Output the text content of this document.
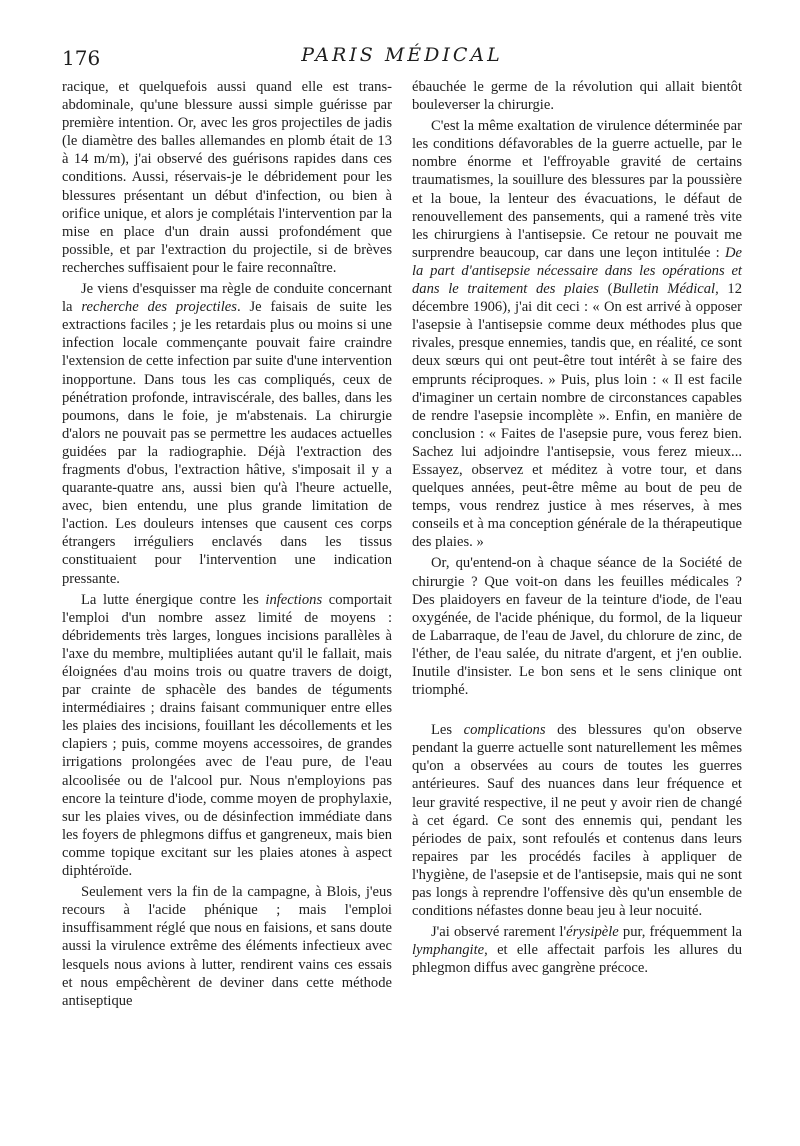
176	PARIS MÉDICAL

racique, et quelquefois aussi quand elle est trans-abdominale, qu'une blessure aussi simple guérisse par première intention. Or, avec les gros projectiles de jadis (le diamètre des balles allemandes en plomb était de 13 à 14 m/m), j'ai observé des guérisons rapides dans ces conditions. Aussi, réservais-je le débridement pour les blessures présentant un début d'infection, ou bien à orifice unique, et alors je complétais l'intervention par la mise en place d'un drain aussi profondément que possible, et par l'extraction du projectile, si de brèves recherches suffisaient pour le faire reconnaître.

Je viens d'esquisser ma règle de conduite concernant la recherche des projectiles. Je faisais de suite les extractions faciles ; je les retardais plus ou moins si une infection locale commençante pouvait faire craindre l'extension de cette infection par suite d'une intervention inopportune. Dans tous les cas compliqués, ceux de pénétration profonde, intraviscérale, des balles, dans les poumons, dans le foie, je m'abstenais. La chirurgie d'alors ne pouvait pas se permettre les audaces actuelles guidées par la radiographie. Déjà l'extraction des fragments d'obus, l'extraction hâtive, s'imposait il y a quarante-quatre ans, aussi bien qu'à l'heure actuelle, avec, bien entendu, une plus grande limitation de l'action. Les douleurs intenses que causent ces corps étrangers irréguliers enclavés dans les tissus constituaient pour l'intervention une indication pressante.

La lutte énergique contre les infections comportait l'emploi d'un nombre assez limité de moyens : débridements très larges, longues incisions parallèles à l'axe du membre, multipliées autant qu'il le fallait, mais éloignées d'au moins trois ou quatre travers de doigt, par crainte de sphacèle des bandes de téguments intermédiaires ; drains faisant communiquer entre elles les plaies des incisions, fouillant les décollements et les clapiers ; puis, comme moyens accessoires, de grandes irrigations prolongées avec de l'eau pure, de l'eau alcoolisée ou de l'alcool pur. Nous n'employions pas encore la teinture d'iode, comme moyen de prophylaxie, sur les plaies vives, ou de désinfection immédiate dans les foyers de phlegmons diffus et gangreneux, mais bien comme topique excitant sur les plaies atones à aspect diphtéroïde.

Seulement vers la fin de la campagne, à Blois, j'eus recours à l'acide phénique ; mais l'emploi insuffisamment réglé que nous en faisions, et sans doute aussi la virulence extrême des éléments infectieux avec lesquels nous avions à lutter, rendirent vains ces essais et nous empêchèrent de deviner dans cette méthode antiseptique

ébauchée le germe de la révolution qui allait bientôt bouleverser la chirurgie.

C'est la même exaltation de virulence déterminée par les conditions défavorables de la guerre actuelle, par le nombre énorme et l'effroyable gravité de certains traumatismes, la souillure des blessures par la poussière et la boue, la lenteur des évacuations, le défaut de renouvellement des pansements, qui a ramené très vite les chirurgiens à l'antisepsie. Ce retour ne pouvait me surprendre beaucoup, car dans une leçon intitulée : De la part d'antisepsie nécessaire dans les opérations et dans le traitement des plaies (Bulletin Médical, 12 décembre 1906), j'ai dit ceci : « On est arrivé à opposer l'asepsie à l'antisepsie comme deux méthodes plus que rivales, presque ennemies, tandis que, en réalité, ce sont deux sœurs qui ont peut-être tout intérêt à se faire des emprunts réciproques. » Puis, plus loin : « Il est facile d'imaginer un certain nombre de circonstances capables de rendre l'asepsie incomplète ». Enfin, en manière de conclusion : « Faites de l'asepsie pure, vous ferez bien. Sachez lui adjoindre l'antisepsie, vous ferez mieux... Essayez, observez et méditez à votre tour, et dans quelques années, peut-être même au bout de peu de temps, vous rendrez justice à mes réserves, à mes conseils et à ma conception générale de la thérapeutique des plaies. »

Or, qu'entend-on à chaque séance de la Société de chirurgie ? Que voit-on dans les feuilles médicales ? Des plaidoyers en faveur de la teinture d'iode, de l'eau oxygénée, de l'acide phénique, du formol, de la liqueur de Labarraque, de l'eau de Javel, du chlorure de zinc, de l'éther, de l'eau salée, du nitrate d'argent, et j'en oublie. Inutile d'insister. Le bon sens et le sens clinique ont triomphé.

Les complications des blessures qu'on observe pendant la guerre actuelle sont naturellement les mêmes qu'on a observées au cours de toutes les guerres antérieures. Sauf des nuances dans leur fréquence et leur gravité respective, il ne peut y avoir rien de changé à cet égard. Ce sont des ennemis qui, pendant les périodes de paix, sont refoulés et contenus dans leurs repaires par les procédés faciles à appliquer de l'hygiène, de l'asepsie et de l'antisepsie, mais qui ne sont pas longs à reprendre l'offensive dès qu'un ensemble de conditions néfastes donne beau jeu à leur nocuité.

J'ai observé rarement l'érysipèle pur, fréquemment la lymphangite, et elle affectait parfois les allures du phlegmon diffus avec gangrène précoce.
